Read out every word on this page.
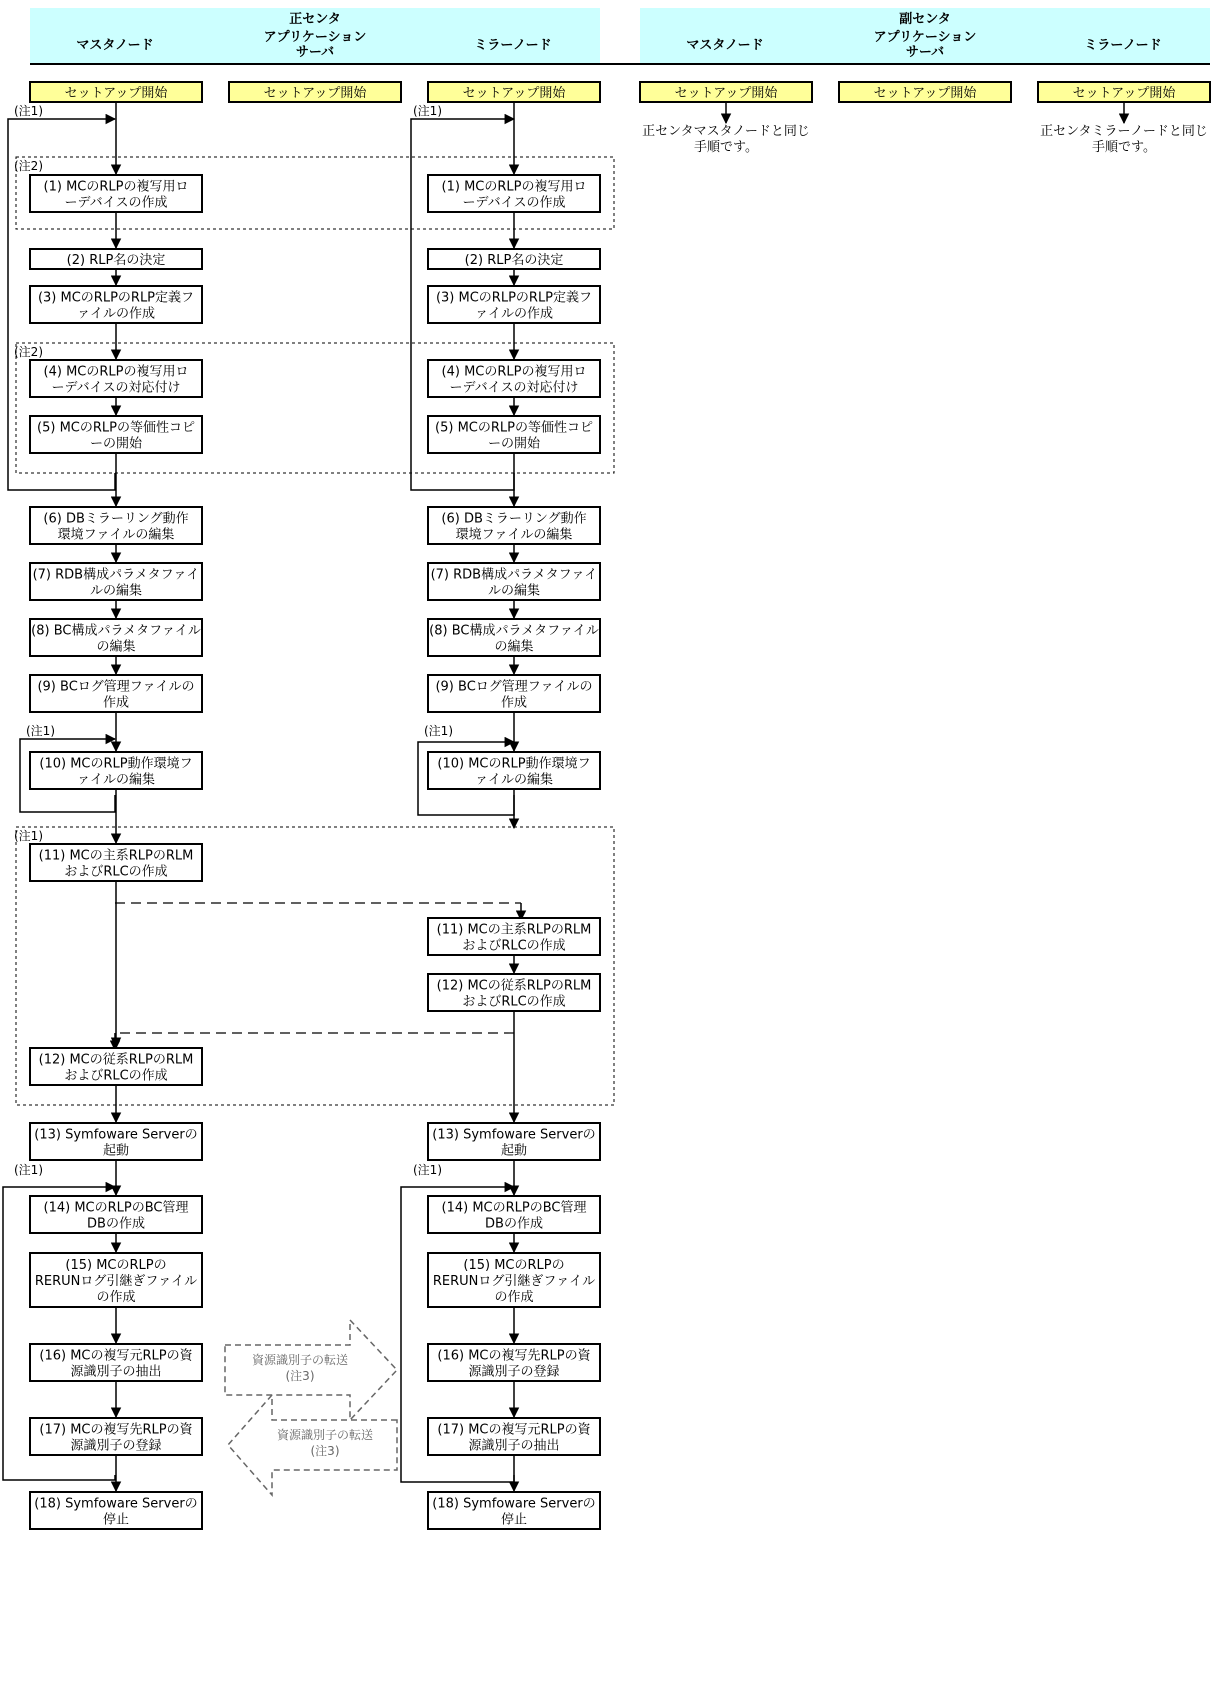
正センタ
マスタノード
アプリケーション
サーバ	ミラーノード
副センタ
マスタノード
アプリケーション
サーバ	ミラーノード
セットアップ開始	セットアップ開始	セットアップ開始	セットアップ開始	セットアップ開始	セットアップ開始
正センタマスタノードと同じ
手順です。
正センタミラーノードと同じ
手順です。
(注1)	(注1)
(注2)
(注2)
(注1)	(注1)
(注1)
(注1)	(注1)
資源識別子の転送
(注3)
資源識別子の転送
(注3)
(1) MCのRLPの複写用ロ
ーデバイスの作成
(2) RLP名の決定
(3) MCのRLPのRLP定義フ
ァイルの作成
(4) MCのRLPの複写用ロ
ーデバイスの対応付け
(5) MCのRLPの等価性コピ
ーの開始
(6) DBミラーリング動作
環境ファイルの編集
(7) RDB構成パラメタファイ
ルの編集
(8) BC構成パラメタファイル
の編集
(9) BCログ管理ファイルの
作成
(10) MCのRLP動作環境フ
ァイルの編集
(11) MCの主系RLPのRLM
およびRLCの作成
(12) MCの従系RLPのRLM
およびRLCの作成
(13) Symfoware Serverの
起動
(14) MCのRLPのBC管理
DBの作成
(15) MCのRLPの
RERUNログ引継ぎファイル
の作成
(16) MCの複写元RLPの資
源識別子の抽出
(17) MCの複写先RLPの資
源識別子の登録
(18) Symfoware Serverの
停止
(1) MCのRLPの複写用ロ
ーデバイスの作成
(2) RLP名の決定
(3) MCのRLPのRLP定義フ
ァイルの作成
(4) MCのRLPの複写用ロ
ーデバイスの対応付け
(5) MCのRLPの等価性コピ
ーの開始
(6) DBミラーリング動作
環境ファイルの編集
(7) RDB構成パラメタファイ
ルの編集
(8) BC構成パラメタファイル
の編集
(9) BCログ管理ファイルの
作成
(10) MCのRLP動作環境フ
ァイルの編集
(11) MCの主系RLPのRLM
およびRLCの作成
(12) MCの従系RLPのRLM
およびRLCの作成
(13) Symfoware Serverの
起動
(14) MCのRLPのBC管理
DBの作成
(15) MCのRLPの
RERUNログ引継ぎファイル
の作成
(16) MCの複写先RLPの資
源識別子の登録
(17) MCの複写元RLPの資
源識別子の抽出
(18) Symfoware Serverの
停止
